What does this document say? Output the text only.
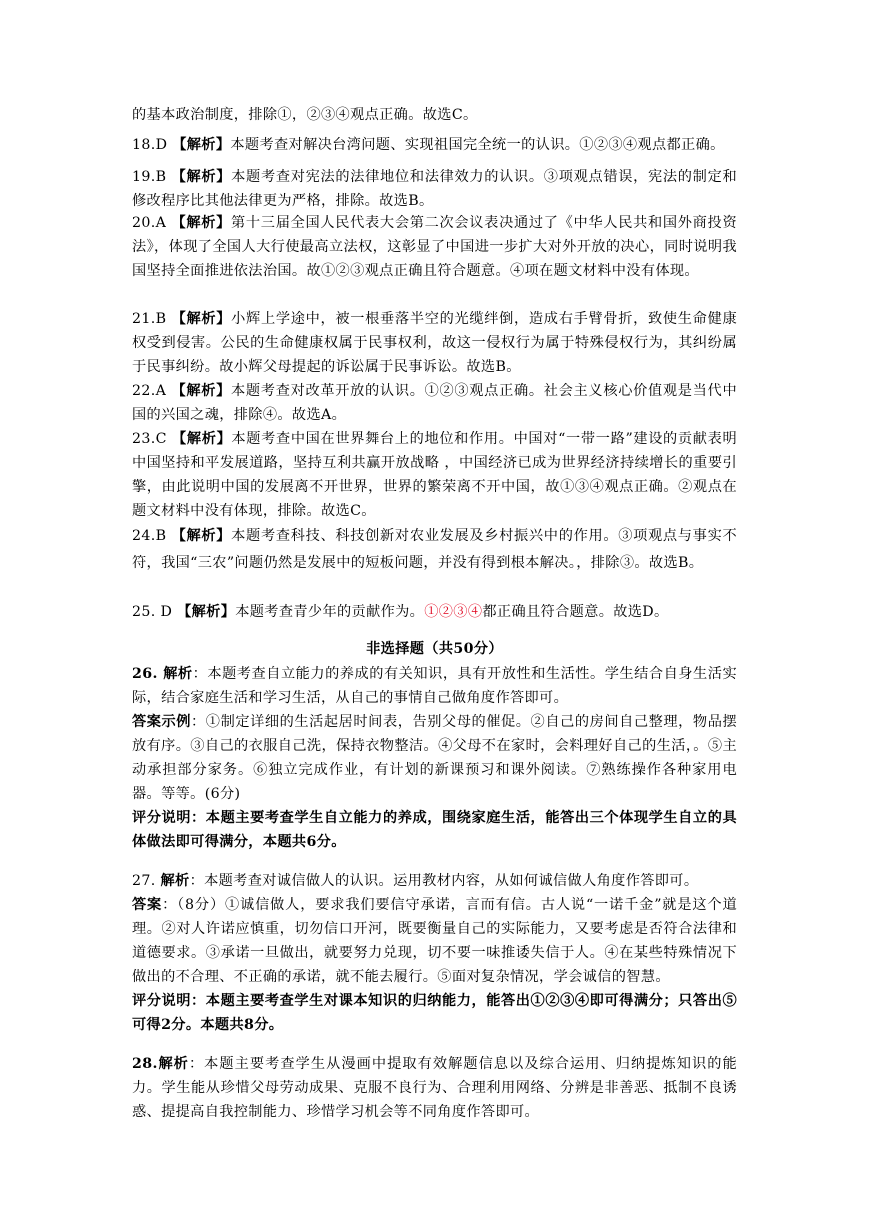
的基本政治制度，排除①，②③④观点正确。故选C。

18.D 【解析】本题考查对解决台湾问题、实现祖国完全统一的认识。①②③④观点都正确。

19.B 【解析】本题考查对宪法的法律地位和法律效力的认识。③项观点错误，宪法的制定和修改程序比其他法律更为严格，排除。故选B。

20.A 【解析】第十三届全国人民代表大会第二次会议表决通过了《中华人民共和国外商投资法》，体现了全国人大行使最高立法权，这彰显了中国进一步扩大对外开放的决心，同时说明我国坚持全面推进依法治国。故①②③观点正确且符合题意。④项在题文材料中没有体现。

21.B 【解析】小辉上学途中，被一根垂落半空的光缆绊倒，造成右手臂骨折，致使生命健康权受到侵害。公民的生命健康权属于民事权利，故这一侵权行为属于特殊侵权行为，其纠纷属于民事纠纷。故小辉父母提起的诉讼属于民事诉讼。故选B。

22.A 【解析】本题考查对改革开放的认识。①②③观点正确。社会主义核心价值观是当代中国的兴国之魂，排除④。故选A。

23.C 【解析】本题考查中国在世界舞台上的地位和作用。中国对“一带一路”建设的贡献表明中国坚持和平发展道路，坚持互利共赢开放战略 ，中国经济已成为世界经济持续增长的重要引擎，由此说明中国的发展离不开世界，世界的繁荣离不开中国，故①③④观点正确。②观点在题文材料中没有体现，排除。故选C。

24.B 【解析】本题考查科技、科技创新对农业发展及乡村振兴中的作用。③项观点与事实不符，我国“三农”问题仍然是发展中的短板问题，并没有得到根本解决。，排除③。故选B。

25. D 【解析】本题考查青少年的贡献作为。①②③④都正确且符合题意。故选D。

非选择题（共50分）

26. 解析：本题考查自立能力的养成的有关知识，具有开放性和生活性。学生结合自身生活实际，结合家庭生活和学习生活，从自己的事情自己做角度作答即可。

答案示例：①制定详细的生活起居时间表，告别父母的催促。②自己的房间自己整理，物品摆放有序。③自己的衣服自己洗，保持衣物整洁。④父母不在家时，会料理好自己的生活，。⑤主动承担部分家务。⑥独立完成作业，有计划的新课预习和课外阅读。⑦熟练操作各种家用电器。等等。(6分)

评分说明：本题主要考查学生自立能力的养成，围绕家庭生活，能答出三个体现学生自立的具体做法即可得满分，本题共6分。

27. 解析：本题考查对诚信做人的认识。运用教材内容，从如何诚信做人角度作答即可。

答案：（8分）①诚信做人，要求我们要信守承诺，言而有信。古人说“一诺千金”就是这个道理。②对人许诺应慎重，切勿信口开河，既要衡量自己的实际能力，又要考虑是否符合法律和道德要求。③承诺一旦做出，就要努力兑现，切不要一味推诿失信于人。④在某些特殊情况下做出的不合理、不正确的承诺，就不能去履行。⑤面对复杂情况，学会诚信的智慧。

评分说明：本题主要考查学生对课本知识的归纳能力，能答出①②③④即可得满分；只答出⑤可得2分。本题共8分。

28.解析：本题主要考查学生从漫画中提取有效解题信息以及综合运用、归纳提炼知识的能力。学生能从珍惜父母劳动成果、克服不良行为、合理利用网络、分辨是非善恶、抵制不良诱惑、提提高自我控制能力、珍惜学习机会等不同角度作答即可。
